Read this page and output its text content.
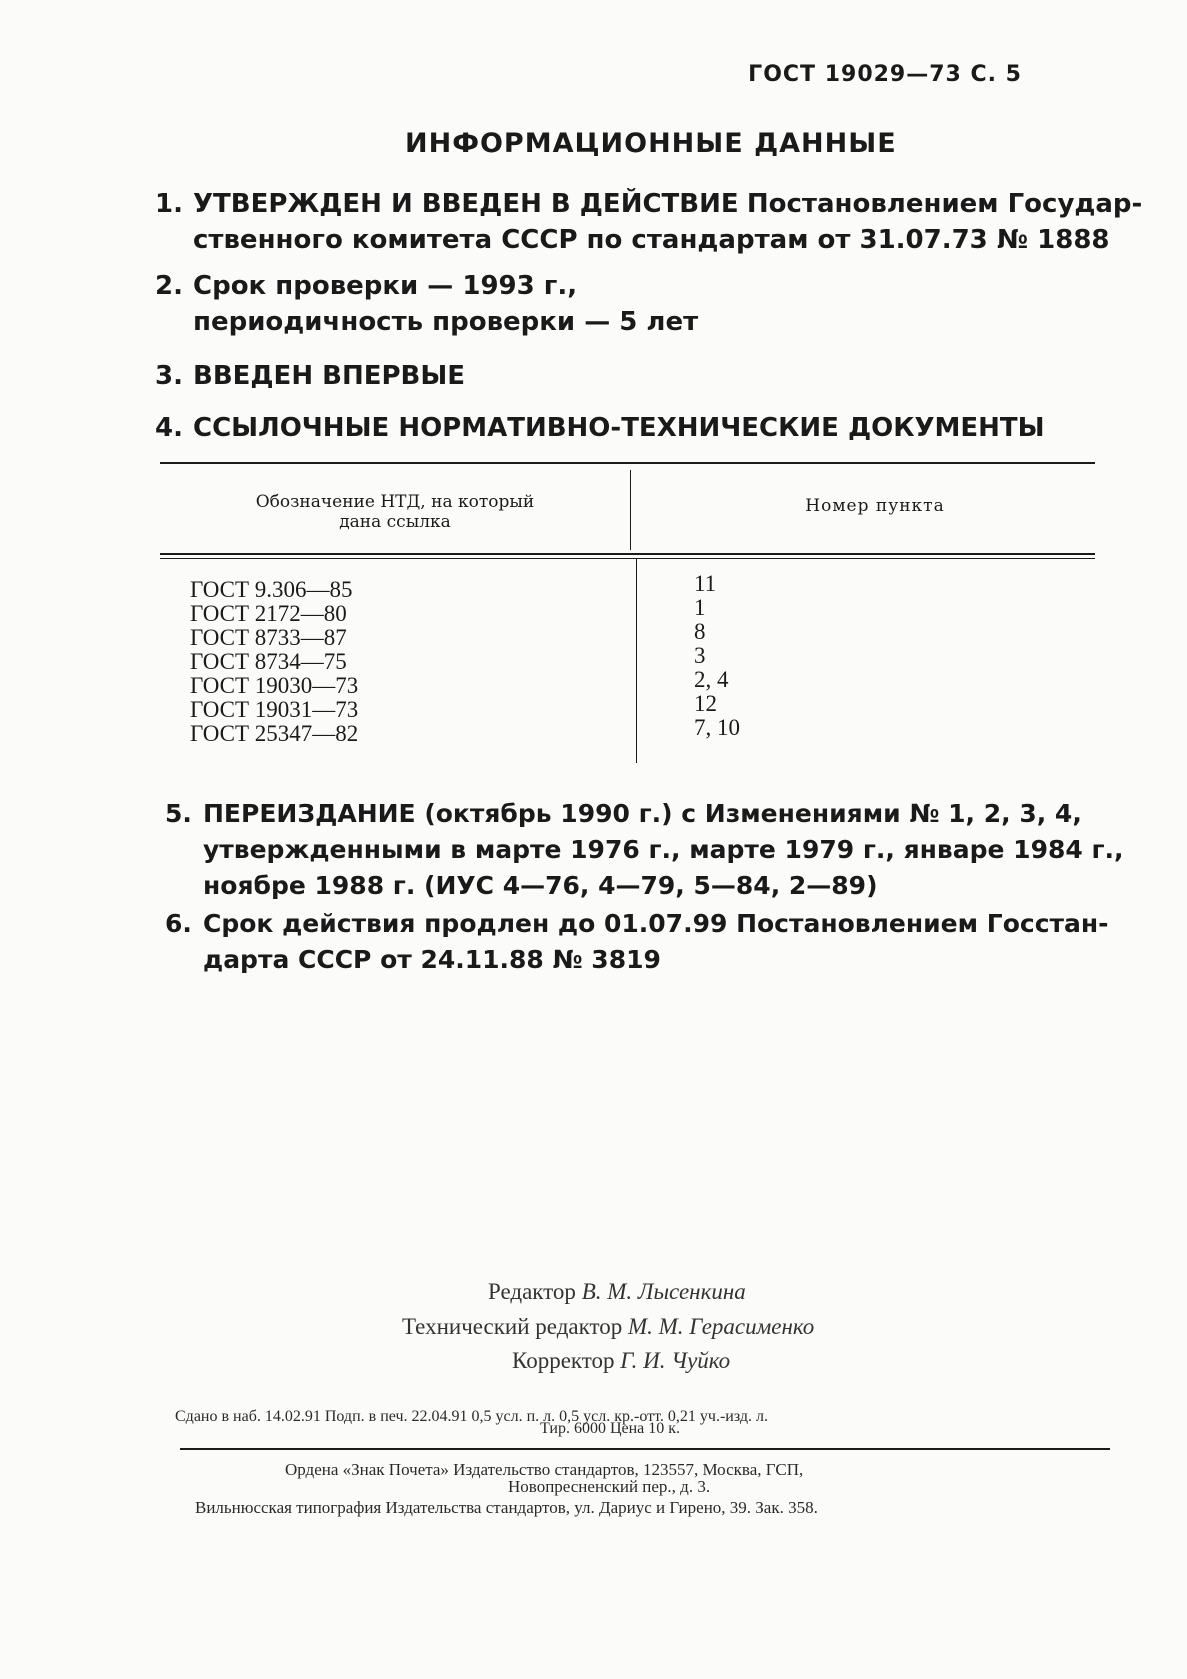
ГОСТ 19029—73 С. 5
ИНФОРМАЦИОННЫЕ ДАННЫЕ
1. УТВЕРЖДЕН И ВВЕДЕН В ДЕЙСТВИЕ Постановлением Государ-
ственного комитета СССР по стандартам от 31.07.73 № 1888
2. Срок проверки — 1993 г.,
периодичность проверки — 5 лет
3. ВВЕДЕН ВПЕРВЫЕ
4. ССЫЛОЧНЫЕ НОРМАТИВНО-ТЕХНИЧЕСКИЕ ДОКУМЕНТЫ
Обозначение НТД, на который
дана ссылка
Номер пункта
ГОСТ 9.306—85
ГОСТ 2172—80
ГОСТ 8733—87
ГОСТ 8734—75
ГОСТ 19030—73
ГОСТ 19031—73
ГОСТ 25347—82
11
1
8
3
2, 4
12
7, 10
5. ПЕРЕИЗДАНИЕ (октябрь 1990 г.) с Изменениями № 1, 2, 3, 4,
утвержденными в марте 1976 г., марте 1979 г., январе 1984 г.,
ноябре 1988 г. (ИУС 4—76, 4—79, 5—84, 2—89)
6. Срок действия продлен до 01.07.99 Постановлением Госстан-
дарта СССР от 24.11.88 № 3819
Редактор В. М. Лысенкина
Технический редактор М. М. Герасименко
Корректор Г. И. Чуйко
Сдано в наб. 14.02.91 Подп. в печ. 22.04.91 0,5 усл. п. л. 0,5 усл. кр.-отт. 0,21 уч.-изд. л.
Тир. 6000 Цена 10 к.
Ордена «Знак Почета» Издательство стандартов, 123557, Москва, ГСП,
Новопресненский пер., д. 3.
Вильнюсская типография Издательства стандартов, ул. Дариус и Гирено, 39. Зак. 358.
